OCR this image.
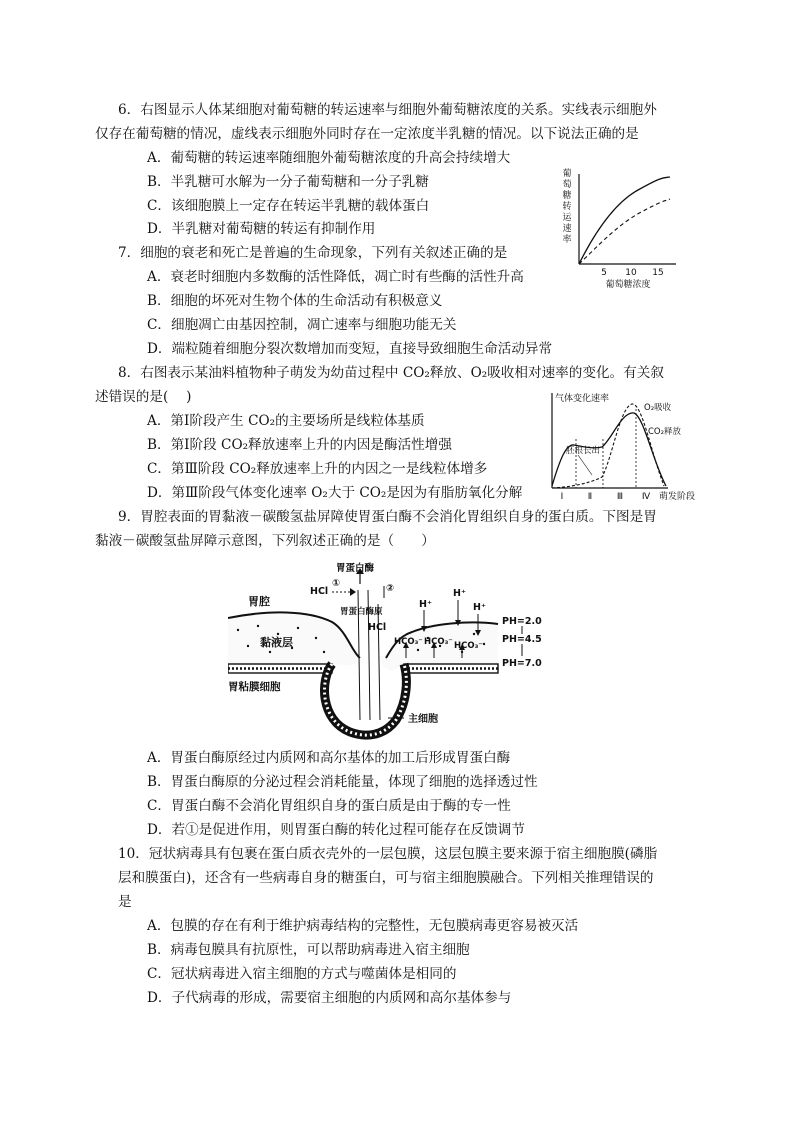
6．右图显示人体某细胞对葡萄糖的转运速率与细胞外葡萄糖浓度的关系。实线表示细胞外
仅存在葡萄糖的情况，虚线表示细胞外同时存在一定浓度半乳糖的情况。以下说法正确的是
A．葡萄糖的转运速率随细胞外葡萄糖浓度的升高会持续增大
B．半乳糖可水解为一分子葡萄糖和一分子乳糖
C．该细胞膜上一定存在转运半乳糖的载体蛋白
D．半乳糖对葡萄糖的转运有抑制作用
葡
萄
糖
转
运
速
率
5 10 15
葡萄糖浓度
7．细胞的衰老和死亡是普遍的生命现象，下列有关叙述正确的是
A．衰老时细胞内多数酶的活性降低，凋亡时有些酶的活性升高
B．细胞的坏死对生物个体的生命活动有积极意义
C．细胞凋亡由基因控制，凋亡速率与细胞功能无关
D．端粒随着细胞分裂次数增加而变短，直接导致细胞生命活动异常
8．右图表示某油料植物种子萌发为幼苗过程中 CO₂释放、O₂吸收相对速率的变化。有关叙
述错误的是(　 )
A．第Ⅰ阶段产生 CO₂的主要场所是线粒体基质
B．第Ⅰ阶段 CO₂释放速率上升的内因是酶活性增强
C．第Ⅲ阶段 CO₂释放速率上升的内因之一是线粒体增多
D．第Ⅲ阶段气体变化速率 O₂大于 CO₂是因为有脂肪氧化分解
气体变化速率
O₂吸收
CO₂释放
胚根长出
Ⅰ	Ⅱ	Ⅲ Ⅳ 萌发阶段
9．胃腔表面的胃黏液－碳酸氢盐屏障使胃蛋白酶不会消化胃组织自身的蛋白质。下图是胃
黏液－碳酸氢盐屏障示意图，下列叙述正确的是（　　）
胃蛋白酶
HCl
①	②
胃蛋白酶原
胃腔
HCl
H⁺
H⁺
H⁺
HCO₃⁻ HCO₃⁻ HCO₃⁻
黏液层
胃粘膜细胞
主细胞
PH=2.0
PH=4.5
PH=7.0
A．胃蛋白酶原经过内质网和高尔基体的加工后形成胃蛋白酶
B．胃蛋白酶原的分泌过程会消耗能量，体现了细胞的选择透过性
C．胃蛋白酶不会消化胃组织自身的蛋白质是由于酶的专一性
D．若①是促进作用，则胃蛋白酶的转化过程可能存在反馈调节
10．冠状病毒具有包裹在蛋白质衣壳外的一层包膜，这层包膜主要来源于宿主细胞膜(磷脂
层和膜蛋白)，还含有一些病毒自身的糖蛋白，可与宿主细胞膜融合。下列相关推理错误的
是
A．包膜的存在有利于维护病毒结构的完整性，无包膜病毒更容易被灭活
B．病毒包膜具有抗原性，可以帮助病毒进入宿主细胞
C．冠状病毒进入宿主细胞的方式与噬菌体是相同的
D．子代病毒的形成，需要宿主细胞的内质网和高尔基体参与
